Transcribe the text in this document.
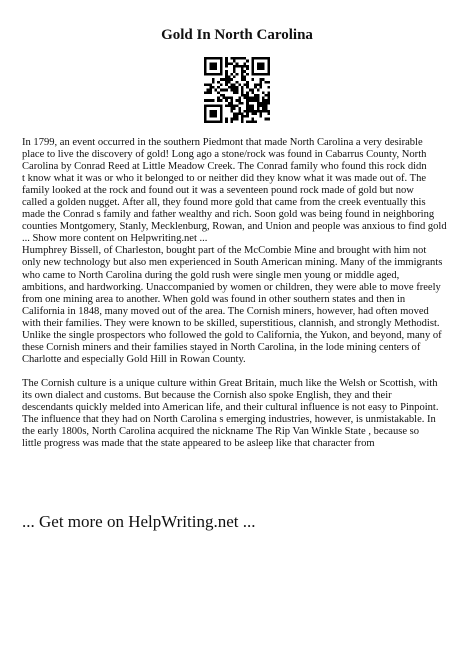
Gold In North Carolina
In 1799, an event occurred in the southern Piedmont that made North Carolina a very desirable
place to live the discovery of gold! Long ago a stone/rock was found in Cabarrus County, North
Carolina by Conrad Reed at Little Meadow Creek. The Conrad family who found this rock didn
t know what it was or who it belonged to or neither did they know what it was made out of. The
family looked at the rock and found out it was a seventeen pound rock made of gold but now
called a golden nugget. After all, they found more gold that came from the creek eventually this
made the Conrad s family and father wealthy and rich. Soon gold was being found in neighboring
counties Montgomery, Stanly, Mecklenburg, Rowan, and Union and people was anxious to find gold
... Show more content on Helpwriting.net ...
Humphrey Bissell, of Charleston, bought part of the McCombie Mine and brought with him not
only new technology but also men experienced in South American mining. Many of the immigrants
who came to North Carolina during the gold rush were single men young or middle aged,
ambitions, and hardworking. Unaccompanied by women or children, they were able to move freely
from one mining area to another. When gold was found in other southern states and then in
California in 1848, many moved out of the area. The Cornish miners, however, had often moved
with their families. They were known to be skilled, superstitious, clannish, and strongly Methodist.
Unlike the single prospectors who followed the gold to California, the Yukon, and beyond, many of
these Cornish miners and their families stayed in North Carolina, in the lode mining centers of
Charlotte and especially Gold Hill in Rowan County.
The Cornish culture is a unique culture within Great Britain, much like the Welsh or Scottish, with
its own dialect and customs. But because the Cornish also spoke English, they and their
descendants quickly melded into American life, and their cultural influence is not easy to Pinpoint.
The influence that they had on North Carolina s emerging industries, however, is unmistakable. In
the early 1800s, North Carolina acquired the nickname The Rip Van Winkle State , because so
little progress was made that the state appeared to be asleep like that character from
... Get more on HelpWriting.net ...
